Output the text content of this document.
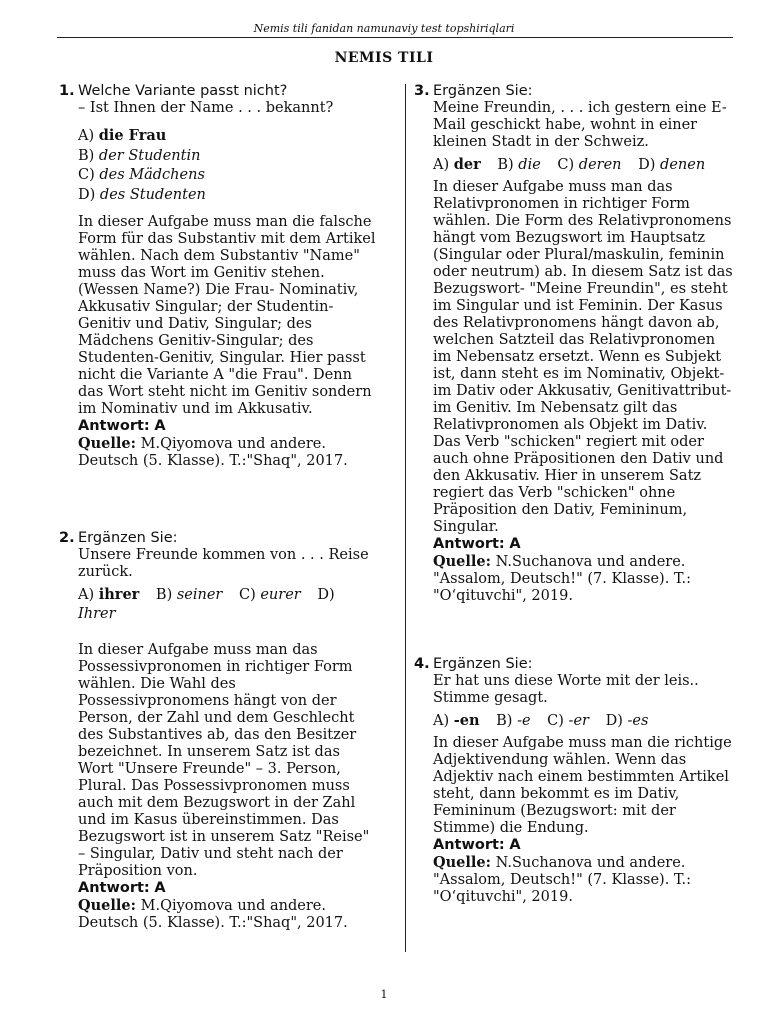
Nemis tili fanidan namunaviy test topshiriqlari
NEMIS TILI
1. Welche Variante passt nicht?
– Ist Ihnen der Name . . . bekannt?
A) die Frau
B) der Studentin
C) des Mädchens
D) des Studenten
In dieser Aufgabe muss man die falsche Form für das Substantiv mit dem Artikel wählen. Nach dem Substantiv "Name" muss das Wort im Genitiv stehen. (Wessen Name?) Die Frau- Nominativ, Akkusativ Singular; der Studentin-Genitiv und Dativ, Singular; des Mädchens Genitiv-Singular; des Studenten-Genitiv, Singular. Hier passt nicht die Variante A "die Frau". Denn das Wort steht nicht im Genitiv sondern im Nominativ und im Akkusativ.
Antwort: A
Quelle: M.Qiyomova und andere. Deutsch (5. Klasse). T.:"Shaq", 2017.
2. Ergänzen Sie:
Unsere Freunde kommen von . . . Reise zurück.
A) ihrer B) seiner C) eurer D) Ihrer
In dieser Aufgabe muss man das Possessivpronomen in richtiger Form wählen. Die Wahl des Possessivpronomens hängt von der Person, der Zahl und dem Geschlecht des Substantives ab, das den Besitzer bezeichnet. In unserem Satz ist das Wort "Unsere Freunde" – 3. Person, Plural. Das Possessivpronomen muss auch mit dem Bezugswort in der Zahl und im Kasus übereinstimmen. Das Bezugswort ist in unserem Satz "Reise" – Singular, Dativ und steht nach der Präposition von.
Antwort: A
Quelle: M.Qiyomova und andere. Deutsch (5. Klasse). T.:"Shaq", 2017.
3. Ergänzen Sie:
Meine Freundin, . . . ich gestern eine E-Mail geschickt habe, wohnt in einer kleinen Stadt in der Schweiz.
A) der B) die C) deren D) denen
In dieser Aufgabe muss man das Relativpronomen in richtiger Form wählen. Die Form des Relativpronomens hängt vom Bezugswort im Hauptsatz (Singular oder Plural/maskulin, feminin oder neutrum) ab. In diesem Satz ist das Bezugswort- "Meine Freundin", es steht im Singular und ist Feminin. Der Kasus des Relativpronomens hängt davon ab, welchen Satzteil das Relativpronomen im Nebensatz ersetzt. Wenn es Subjekt ist, dann steht es im Nominativ, Objekt-im Dativ oder Akkusativ, Genitivattribut-im Genitiv. Im Nebensatz gilt das Relativpronomen als Objekt im Dativ. Das Verb "schicken" regiert mit oder auch ohne Präpositionen den Dativ und den Akkusativ. Hier in unserem Satz regiert das Verb "schicken" ohne Präposition den Dativ, Femininum, Singular.
Antwort: A
Quelle: N.Suchanova und andere. "Assalom, Deutsch!" (7. Klasse). T.: "O‘qituvchi", 2019.
4. Ergänzen Sie:
Er hat uns diese Worte mit der leis.. Stimme gesagt.
A) -en B) -e C) -er D) -es
In dieser Aufgabe muss man die richtige Adjektivendung wählen. Wenn das Adjektiv nach einem bestimmten Artikel steht, dann bekommt es im Dativ, Femininum (Bezugswort: mit der Stimme) die Endung.
Antwort: A
Quelle: N.Suchanova und andere. "Assalom, Deutsch!" (7. Klasse). T.: "O‘qituvchi", 2019.
1
